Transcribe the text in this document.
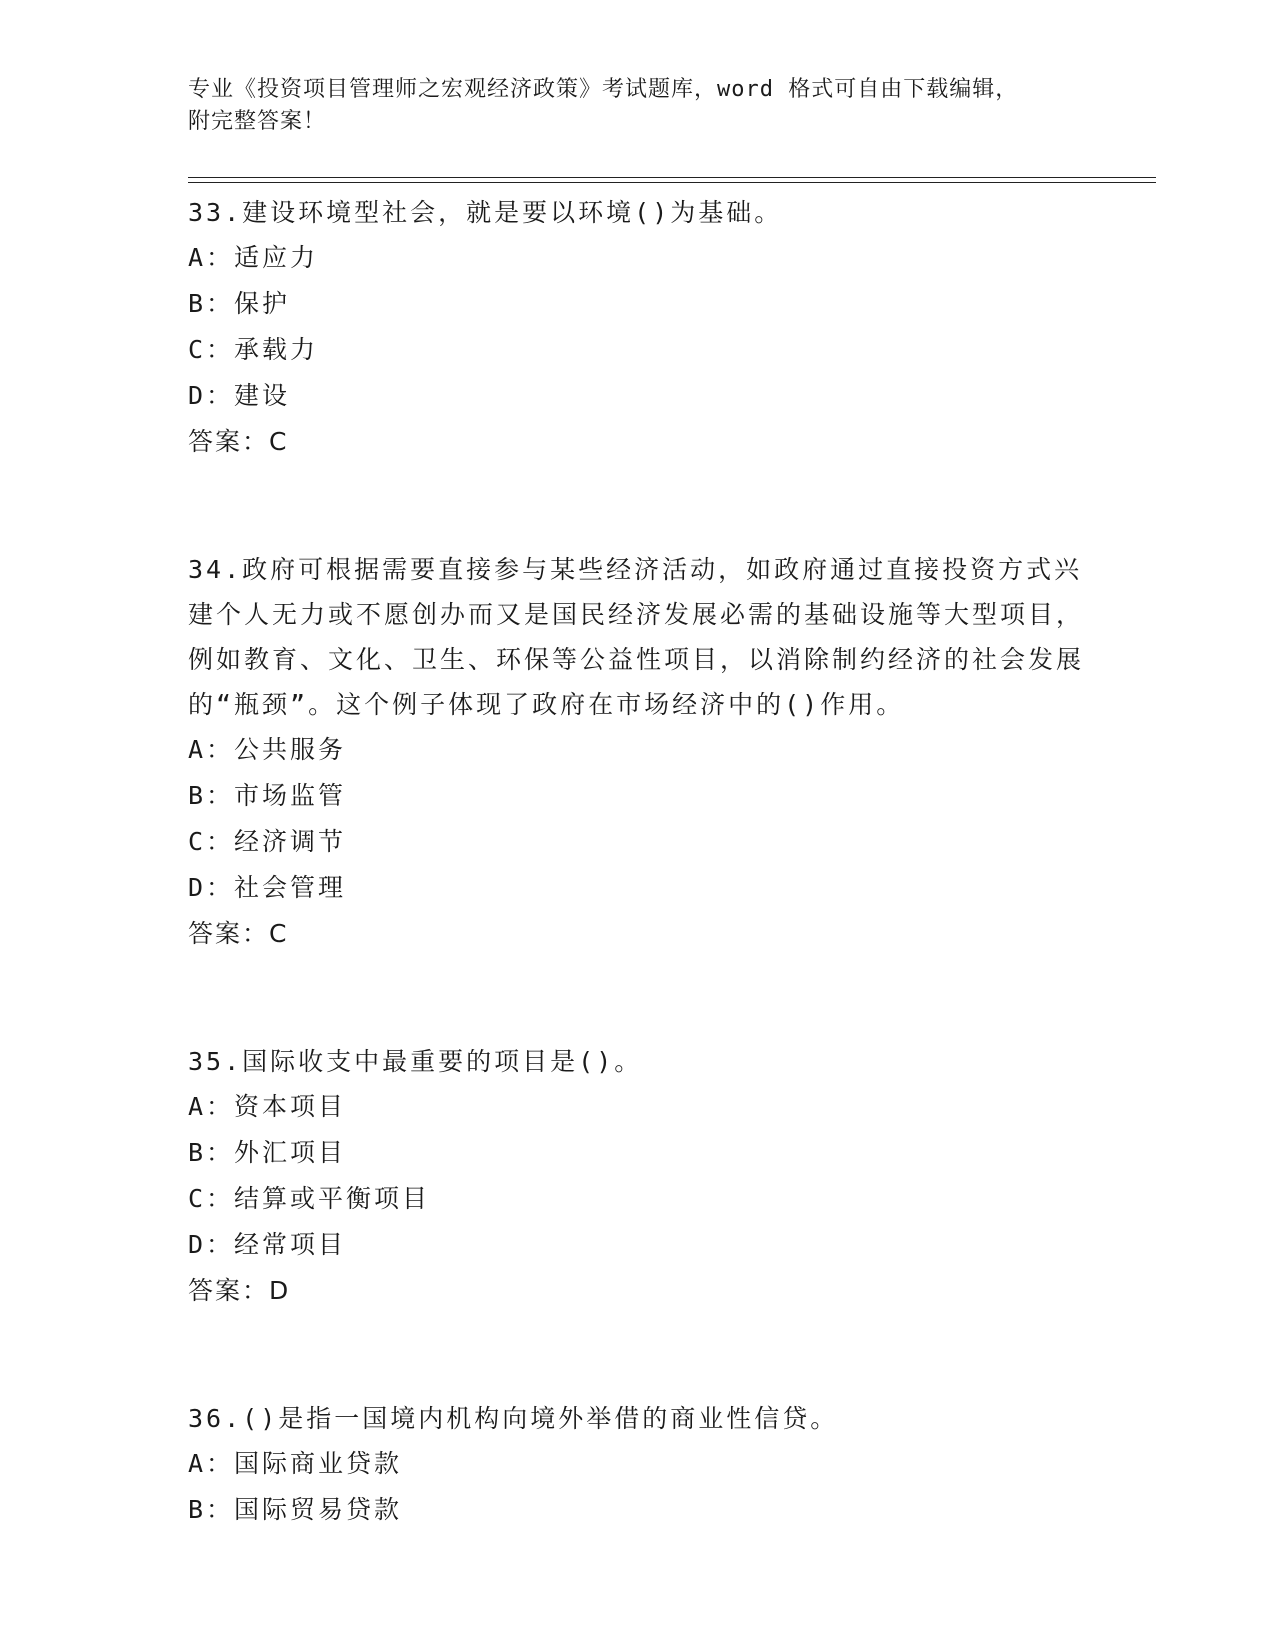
专业《投资项目管理师之宏观经济政策》考试题库，word 格式可自由下载编辑，
附完整答案！

33.建设环境型社会，就是要以环境()为基础。

A：适应力

B：保护

C：承载力

D：建设

答案：C

34.政府可根据需要直接参与某些经济活动，如政府通过直接投资方式兴建个人无力或不愿创办而又是国民经济发展必需的基础设施等大型项目，例如教育、文化、卫生、环保等公益性项目，以消除制约经济的社会发展的“瓶颈”。这个例子体现了政府在市场经济中的()作用。

A：公共服务

B：市场监管

C：经济调节

D：社会管理

答案：C

35.国际收支中最重要的项目是()。

A：资本项目

B：外汇项目

C：结算或平衡项目

D：经常项目

答案：D

36.()是指一国境内机构向境外举借的商业性信贷。

A：国际商业贷款

B：国际贸易贷款
